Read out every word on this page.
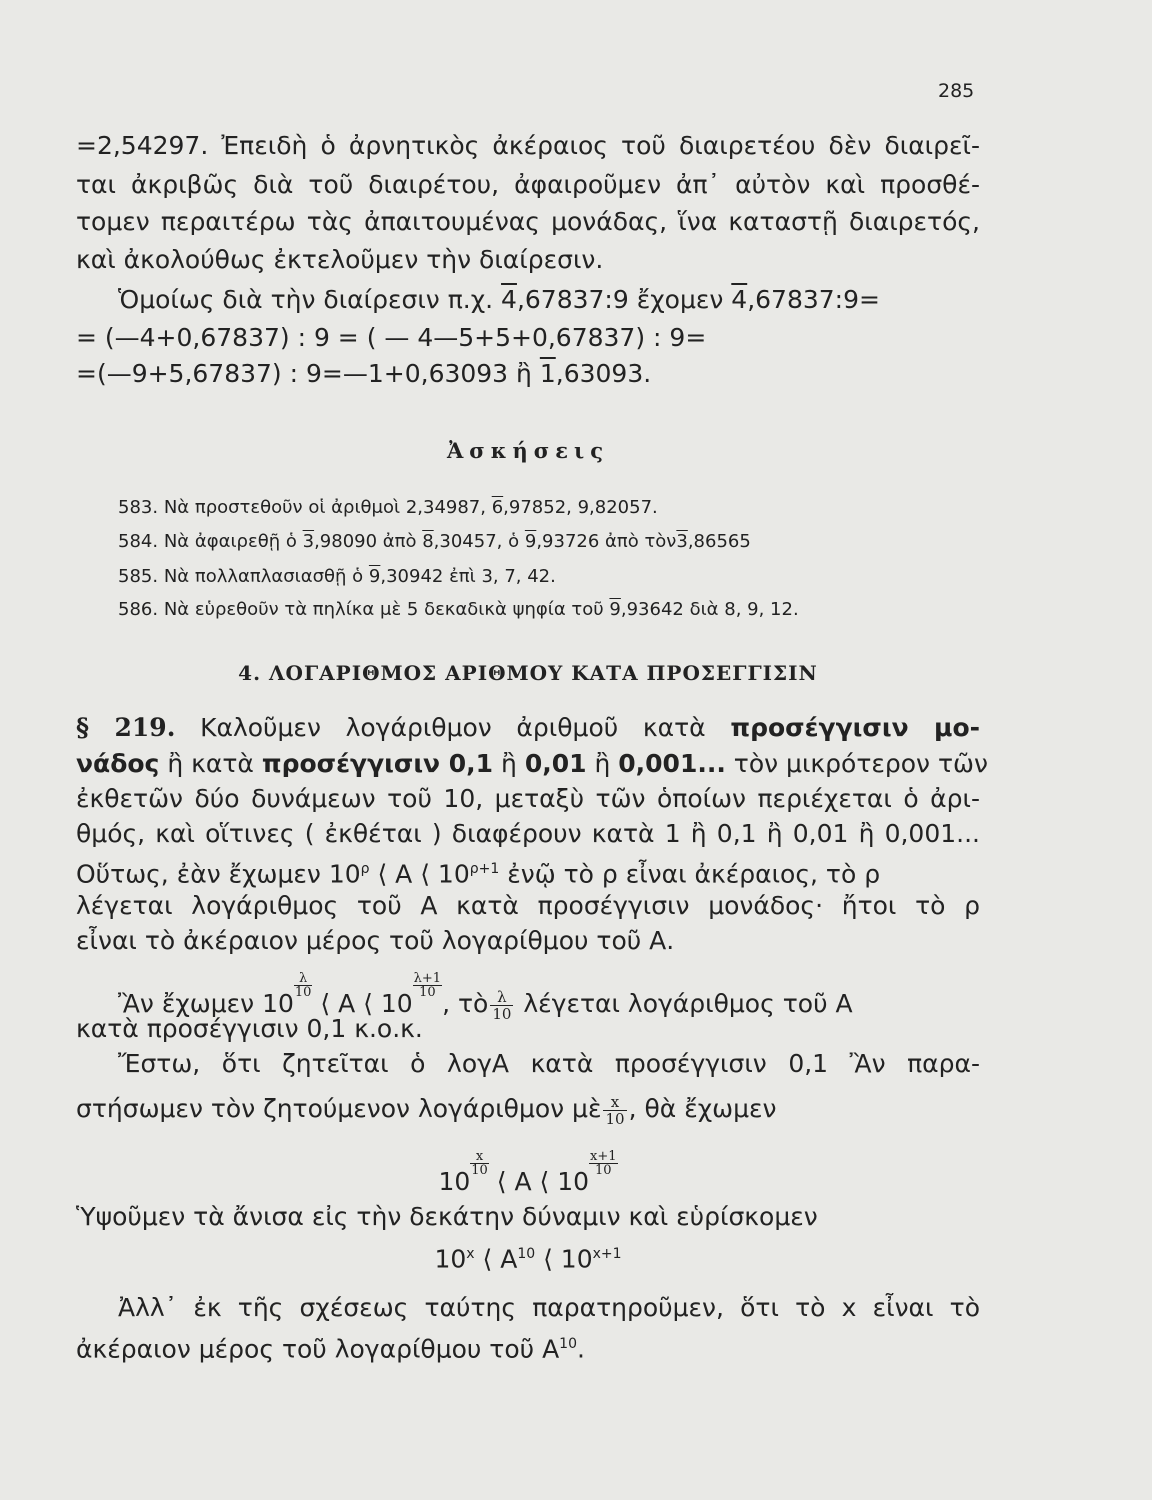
285
=2,54297. Ἐπειδὴ ὁ ἀρνητικὸς ἀκέραιος τοῦ διαιρετέου δὲν διαιρεῖ-
ται ἀκριβῶς διὰ τοῦ διαιρέτου, ἀφαιροῦμεν ἀπ᾽ αὐτὸν καὶ προσθέ-
τομεν περαιτέρω τὰς ἀπαιτουμένας μονάδας, ἵνα καταστῇ διαιρετός,
καὶ ἀκολούθως ἐκτελοῦμεν τὴν διαίρεσιν.
Ὁμοίως διὰ τὴν διαίρεσιν π.χ. 4,67837:9 ἔχομεν 4,67837:9=
= (—4+0,67837) : 9 = ( — 4—5+5+0,67837) : 9=
=(—9+5,67837) : 9=—1+0,63093 ἢ 1,63093.
Ἀσκήσεις
583. Νὰ προστεθοῦν οἱ ἀριθμοὶ 2,34987, 6,97852, 9,82057.
584. Νὰ ἀφαιρεθῇ ὁ 3,98090 ἀπὸ 8,30457, ὁ 9,93726 ἀπὸ τὸν3,86565
585. Νὰ πολλαπλασιασθῇ ὁ 9,30942 ἐπὶ 3, 7, 42.
586. Νὰ εὑρεθοῦν τὰ πηλίκα μὲ 5 δεκαδικὰ ψηφία τοῦ 9,93642 διὰ 8, 9, 12.
4. ΛΟΓΑΡΙΘΜΟΣ ΑΡΙΘΜΟΥ ΚΑΤΑ ΠΡΟΣΕΓΓΙΣΙΝ
§ 219. Καλοῦμεν λογάριθμον ἀριθμοῦ κατὰ προσέγγισιν μο-
νάδος ἢ κατὰ προσέγγισιν 0,1 ἢ 0,01 ἢ 0,001... τὸν μικρότερον τῶν
ἐκθετῶν δύο δυνάμεων τοῦ 10, μεταξὺ τῶν ὁποίων περιέχεται ὁ ἀρι-
θμός, καὶ οἵτινες ( ἐκθέται ) διαφέρουν κατὰ 1 ἢ 0,1 ἢ 0,01 ἢ 0,001...
Οὕτως, ἐὰν ἔχωμεν $10^\rho$ ⟨ Α ⟨ $10^{\rho+1}$ ἐνῷ τὸ ρ εἶναι ἀκέραιος, τὸ ρ
λέγεται λογάριθμος τοῦ Α κατὰ προσέγγισιν μονάδος· ἤτοι τὸ ρ
εἶναι τὸ ἀκέραιον μέρος τοῦ λογαρίθμου τοῦ Α.
Ἂν ἔχωμεν 10
$\frac{\lambda}{10}$
⟨ Α ⟨ 10
$\frac{\lambda+1}{10}$
, τὸ $\frac{\lambda}{10}$ λέγεται λογάριθμος τοῦ Α
κατὰ προσέγγισιν 0,1 κ.ο.κ.
Ἔστω, ὅτι ζητεῖται ὁ λογΑ κατὰ προσέγγισιν 0,1 Ἂν παρα-
στήσωμεν τὸν ζητούμενον λογάριθμον μὲ $\frac{x}{10}$ , θὰ ἔχωμεν
10
$\frac{x}{10}$
⟨ Α ⟨ 10
$\frac{x+1}{10}$
Ὑψοῦμεν τὰ ἄνισα εἰς τὴν δεκάτην δύναμιν καὶ εὑρίσκομεν
10$^x$ ⟨ $A^{10}$ ⟨ $10^{x+1}$
Ἀλλ᾽ ἐκ τῆς σχέσεως ταύτης παρατηροῦμεν, ὅτι τὸ x εἶναι τὸ
ἀκέραιον μέρος τοῦ λογαρίθμου τοῦ $A^{10}$.
